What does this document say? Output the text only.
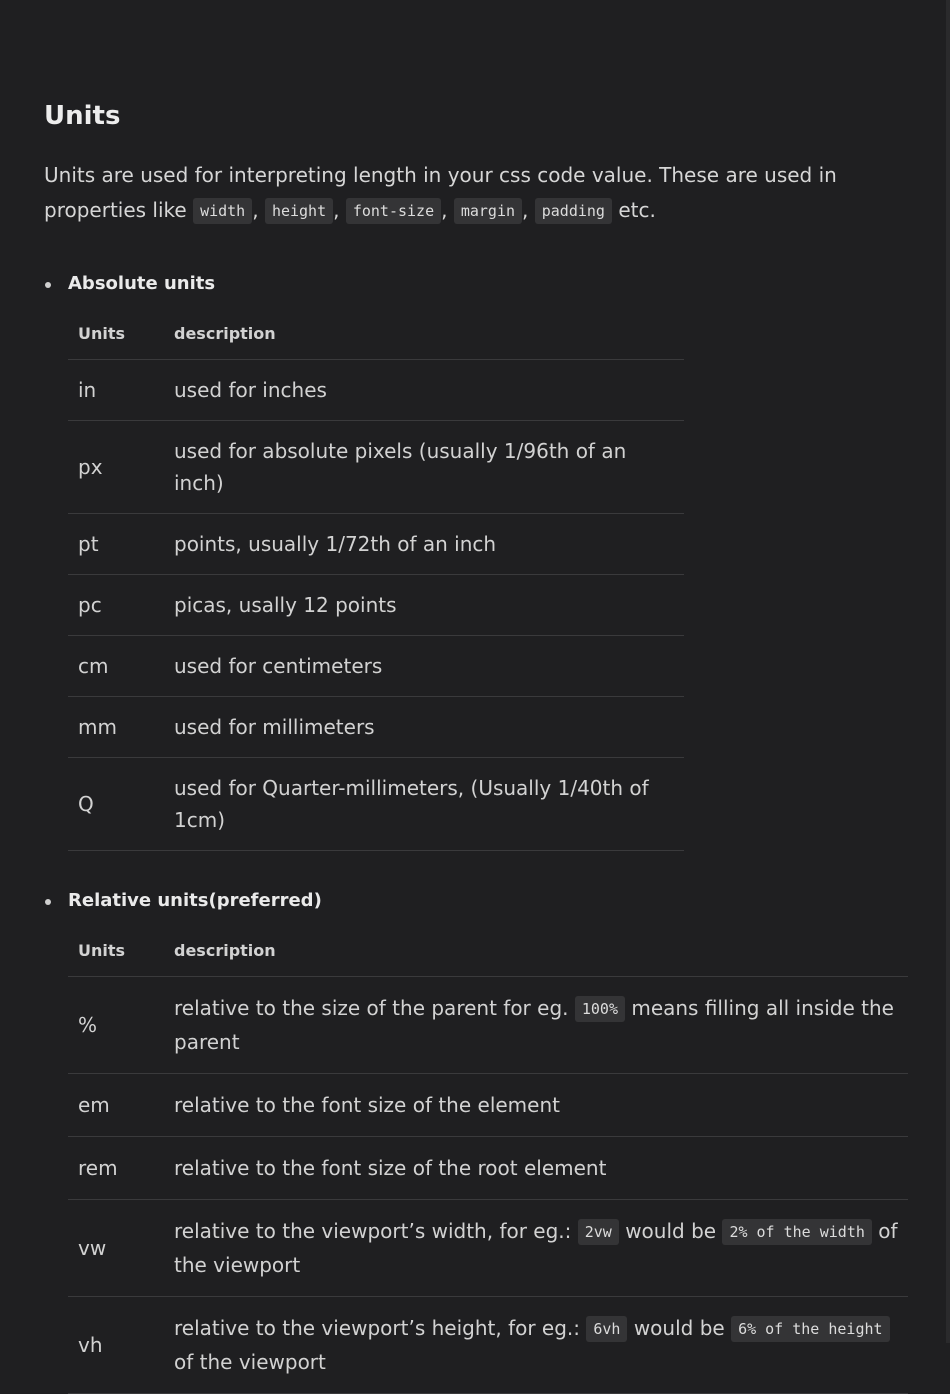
Units

Units are used for interpreting length in your css code value. These are used in properties like width , height , font-size , margin , padding etc.

Absolute units

Units	description
in	used for inches
px	used for absolute pixels (usually 1/96th of an inch)
pt	points, usually 1/72th of an inch
pc	picas, usally 12 points
cm	used for centimeters
mm	used for millimeters
Q	used for Quarter-millimeters, (Usually 1/40th of 1cm)

Relative units(preferred)

Units	description
%	relative to the size of the parent for eg. 100% means filling all inside the parent
em	relative to the font size of the element
rem	relative to the font size of the root element
vw	relative to the viewport’s width, for eg.: 2vw would be 2% of the width of the viewport
vh	relative to the viewport’s height, for eg.: 6vh would be 6% of the height of the viewport
